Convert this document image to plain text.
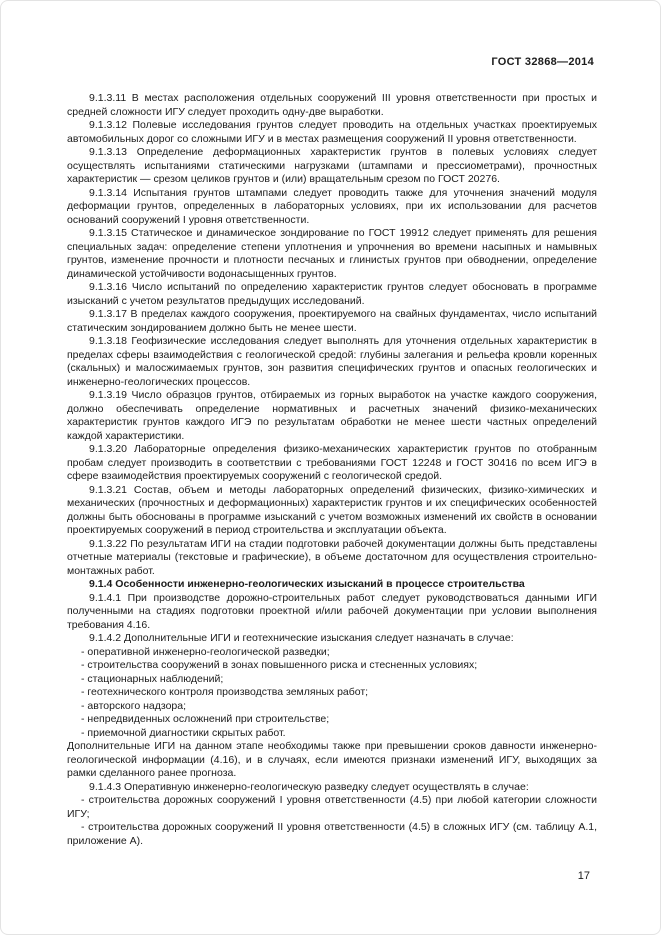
ГОСТ 32868—2014

9.1.3.11 В местах расположения отдельных сооружений III уровня ответственности при простых и средней сложности ИГУ следует проходить одну-две выработки.

9.1.3.12 Полевые исследования грунтов следует проводить на отдельных участках проектируемых автомобильных дорог со сложными ИГУ и в местах размещения сооружений II уровня ответственности.

9.1.3.13 Определение деформационных характеристик грунтов в полевых условиях следует осуществлять испытаниями статическими нагрузками (штампами и прессиометрами), прочностных характеристик — срезом целиков грунтов и (или) вращательным срезом по ГОСТ 20276.

9.1.3.14 Испытания грунтов штампами следует проводить также для уточнения значений модуля деформации грунтов, определенных в лабораторных условиях, при их использовании для расчетов оснований сооружений I уровня ответственности.

9.1.3.15 Статическое и динамическое зондирование по ГОСТ 19912 следует применять для решения специальных задач: определение степени уплотнения и упрочнения во времени насыпных и намывных грунтов, изменение прочности и плотности песчаных и глинистых грунтов при обводнении, определение динамической устойчивости водонасыщенных грунтов.

9.1.3.16 Число испытаний по определению характеристик грунтов следует обосновать в программе изысканий с учетом результатов предыдущих исследований.

9.1.3.17 В пределах каждого сооружения, проектируемого на свайных фундаментах, число испытаний статическим зондированием должно быть не менее шести.

9.1.3.18 Геофизические исследования следует выполнять для уточнения отдельных характеристик в пределах сферы взаимодействия с геологической средой: глубины залегания и рельефа кровли коренных (скальных) и малосжимаемых грунтов, зон развития специфических грунтов и опасных геологических и инженерно-геологических процессов.

9.1.3.19 Число образцов грунтов, отбираемых из горных выработок на участке каждого сооружения, должно обеспечивать определение нормативных и расчетных значений физико-механических характеристик грунтов каждого ИГЭ по результатам обработки не менее шести частных определений каждой характеристики.

9.1.3.20 Лабораторные определения физико-механических характеристик грунтов по отобранным пробам следует производить в соответствии с требованиями ГОСТ 12248 и ГОСТ 30416 по всем ИГЭ в сфере взаимодействия проектируемых сооружений с геологической средой.

9.1.3.21 Состав, объем и методы лабораторных определений физических, физико-химических и механических (прочностных и деформационных) характеристик грунтов и их специфических особенностей должны быть обоснованы в программе изысканий с учетом возможных изменений их свойств в основании проектируемых сооружений в период строительства и эксплуатации объекта.

9.1.3.22 По результатам ИГИ на стадии подготовки рабочей документации должны быть представлены отчетные материалы (текстовые и графические), в объеме достаточном для осуществления строительно-монтажных работ.

9.1.4 Особенности инженерно-геологических изысканий в процессе строительства

9.1.4.1 При производстве дорожно-строительных работ следует руководствоваться данными ИГИ полученными на стадиях подготовки проектной и/или рабочей документации при условии выполнения требования 4.16.

9.1.4.2 Дополнительные ИГИ и геотехнические изыскания следует назначать в случае:

- оперативной инженерно-геологической разведки;

- строительства сооружений в зонах повышенного риска и стесненных условиях;

- стационарных наблюдений;

- геотехнического контроля производства земляных работ;

- авторского надзора;

- непредвиденных осложнений при строительстве;

- приемочной диагностики скрытых работ.

Дополнительные ИГИ на данном этапе необходимы также при превышении сроков давности инженерно-геологической информации (4.16), и в случаях, если имеются признаки изменений ИГУ, выходящих за рамки сделанного ранее прогноза.

9.1.4.3 Оперативную инженерно-геологическую разведку следует осуществлять в случае:

- строительства дорожных сооружений I уровня ответственности (4.5) при любой категории сложности ИГУ;

- строительства дорожных сооружений II уровня ответственности (4.5) в сложных ИГУ (см. таблицу А.1, приложение А).

17
